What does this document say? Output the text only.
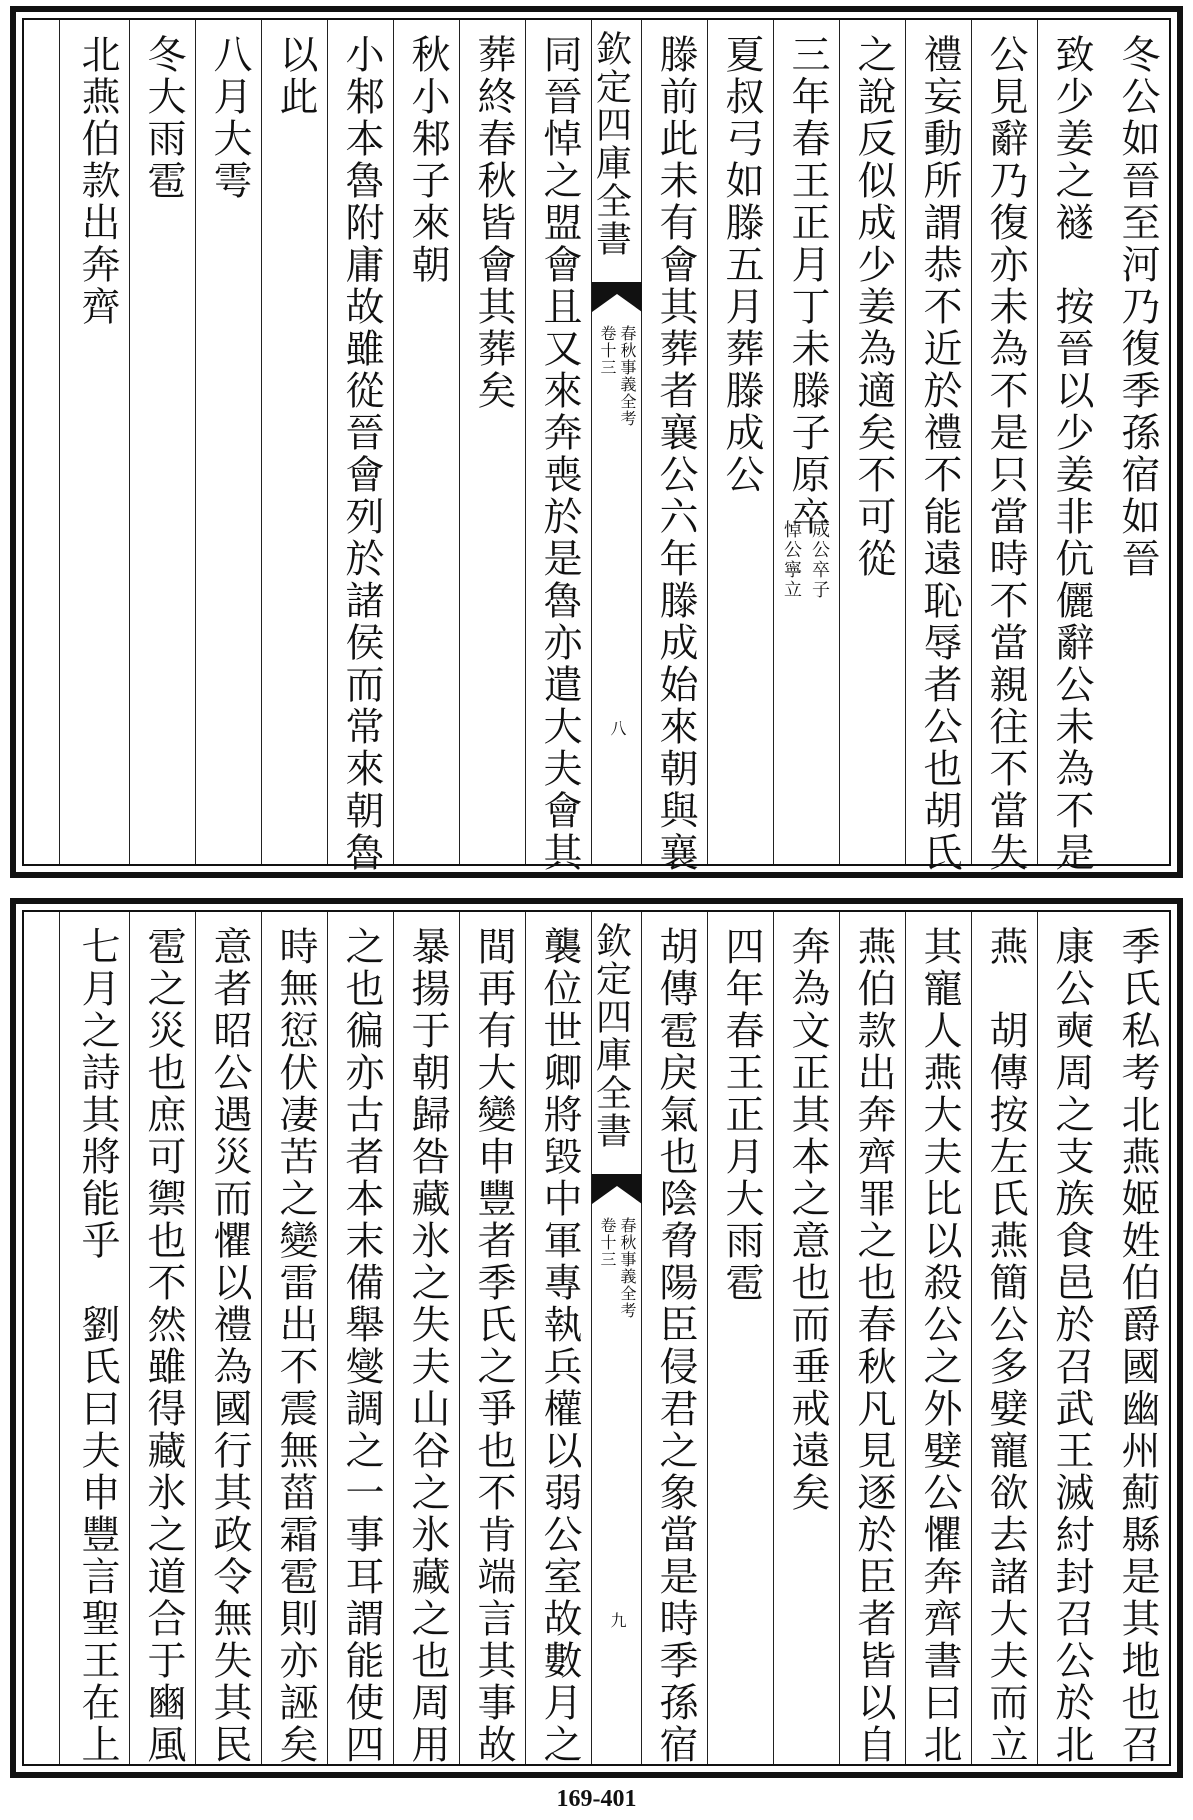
冬公如晉至河乃復季孫宿如晉
致少姜之襚　按晉以少姜非伉儷辭公未為不是
公見辭乃復亦未為不是只當時不當親往不當失
禮妄動所謂恭不近於禮不能遠恥辱者公也胡氏
之說反似成少姜為適矣不可從
三年春王正月丁未滕子原卒
成公卒子
悼公寧立
夏叔弓如滕五月葬滕成公
滕前此未有會其葬者襄公六年滕成始來朝與襄
欽定四庫全書
春秋事義全考
卷十三
八
同晉悼之盟會且又來奔喪於是魯亦遣大夫會其
葬終春秋皆會其葬矣
秋小邾子來朝
小邾本魯附庸故雖從晉會列於諸侯而常來朝魯
以此
八月大雩
冬大雨雹
北燕伯款出奔齊
季氏私考北燕姬姓伯爵國幽州薊縣是其地也召
康公奭周之支族食邑於召武王滅紂封召公於北
燕　胡傳按左氏燕簡公多嬖寵欲去諸大夫而立
其寵人燕大夫比以殺公之外嬖公懼奔齊書曰北
燕伯款出奔齊罪之也春秋凡見逐於臣者皆以自
奔為文正其本之意也而垂戒遠矣
四年春王正月大雨雹
胡傳雹戾氣也陰脅陽臣侵君之象當是時季孫宿
欽定四庫全書
春秋事義全考
卷十三
九
襲位世卿將毀中軍專執兵權以弱公室故數月之
間再有大變申豐者季氏之爭也不肯端言其事故
暴揚于朝歸咎藏氷之失夫山谷之氷藏之也周用
之也徧亦古者本末備舉燮調之一事耳謂能使四
時無愆伏凄苦之變雷出不震無菑霜雹則亦誣矣
意者昭公遇災而懼以禮為國行其政令無失其民
雹之災也庶可禦也不然雖得藏氷之道合于豳風
七月之詩其將能乎　劉氏曰夫申豐言聖王在上
169-401
